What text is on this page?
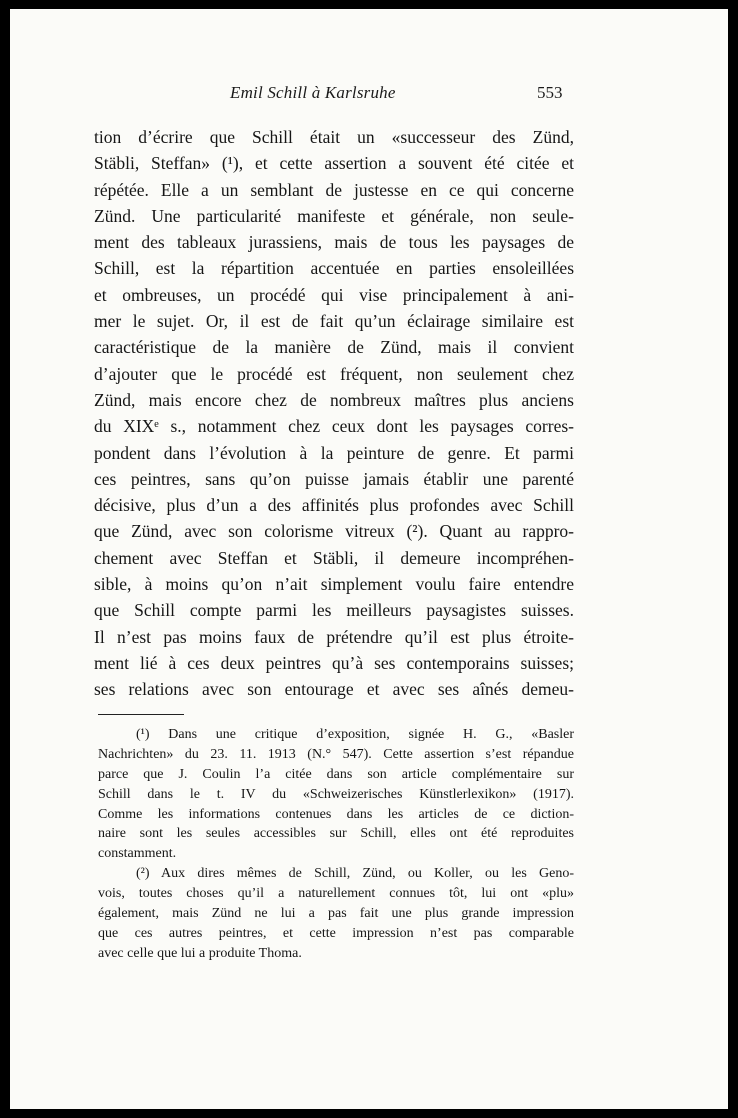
Emil Schill à Karlsruhe	553
tion d’écrire que Schill était un «successeur des Zünd,
Stäbli, Steffan» (¹), et cette assertion a souvent été citée et
répétée. Elle a un semblant de justesse en ce qui concerne
Zünd. Une particularité manifeste et générale, non seule-
ment des tableaux jurassiens, mais de tous les paysages de
Schill, est la répartition accentuée en parties ensoleillées
et ombreuses, un procédé qui vise principalement à ani-
mer le sujet. Or, il est de fait qu’un éclairage similaire est
caractéristique de la manière de Zünd, mais il convient
d’ajouter que le procédé est fréquent, non seulement chez
Zünd, mais encore chez de nombreux maîtres plus anciens
du XIXᵉ s., notamment chez ceux dont les paysages corres-
pondent dans l’évolution à la peinture de genre. Et parmi
ces peintres, sans qu’on puisse jamais établir une parenté
décisive, plus d’un a des affinités plus profondes avec Schill
que Zünd, avec son colorisme vitreux (²). Quant au rappro-
chement avec Steffan et Stäbli, il demeure incompréhen-
sible, à moins qu’on n’ait simplement voulu faire entendre
que Schill compte parmi les meilleurs paysagistes suisses.
Il n’est pas moins faux de prétendre qu’il est plus étroite-
ment lié à ces deux peintres qu’à ses contemporains suisses;
ses relations avec son entourage et avec ses aînés demeu-
(¹) Dans une critique d’exposition, signée H. G., «Basler
Nachrichten» du 23. 11. 1913 (N.° 547). Cette assertion s’est répandue
parce que J. Coulin l’a citée dans son article complémentaire sur
Schill dans le t. IV du «Schweizerisches Künstlerlexikon» (1917).
Comme les informations contenues dans les articles de ce diction-
naire sont les seules accessibles sur Schill, elles ont été reproduites
constamment.
(²) Aux dires mêmes de Schill, Zünd, ou Koller, ou les Geno-
vois, toutes choses qu’il a naturellement connues tôt, lui ont «plu»
également, mais Zünd ne lui a pas fait une plus grande impression
que ces autres peintres, et cette impression n’est pas comparable
avec celle que lui a produite Thoma.
